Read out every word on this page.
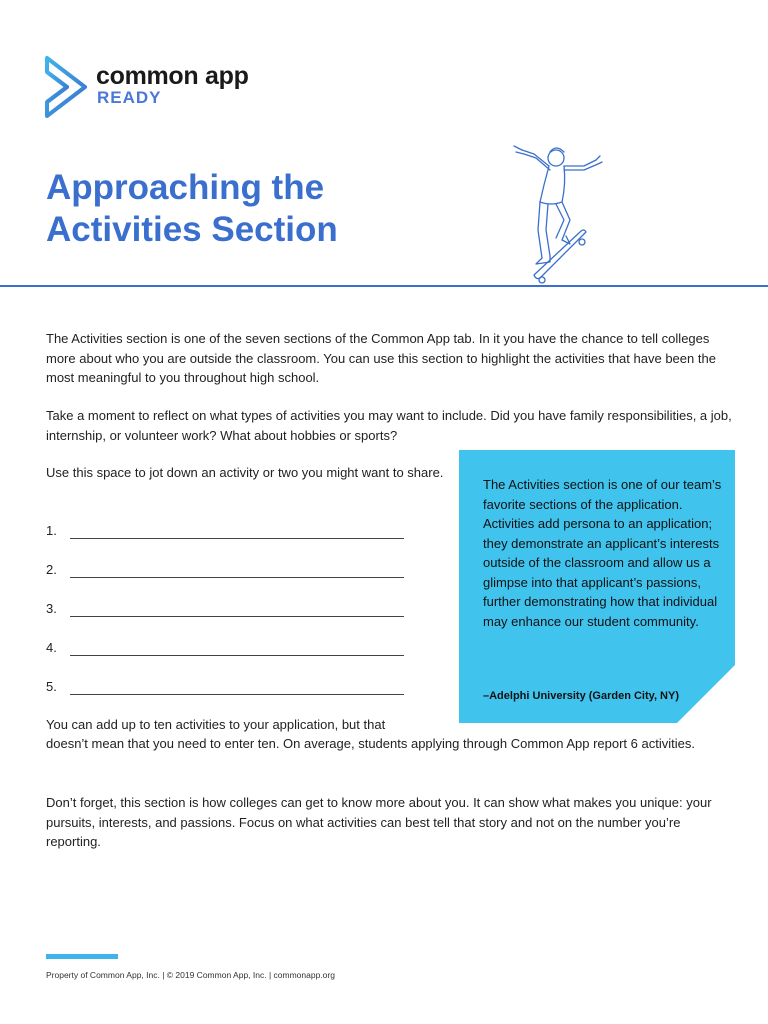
common app
READY
Approaching the
Activities Section

The Activities section is one of the seven sections of the Common App tab. In it you have the chance to tell colleges more about who you are outside the classroom. You can use this section to highlight the activities that have been the most meaningful to you throughout high school.

Take a moment to reflect on what types of activities you may want to include. Did you have family responsibilities, a job, internship, or volunteer work? What about hobbies or sports?

Use this space to jot down an activity or two you might want to share.

1.
2.
3.
4.
5.

The Activities section is one of our team’s favorite sections of the application. Activities add persona to an application; they demonstrate an applicant’s interests outside of the classroom and allow us a glimpse into that applicant’s passions, further demonstrating how that individual may enhance our student community.

–Adelphi University (Garden City, NY)

You can add up to ten activities to your application, but that

doesn’t mean that you need to enter ten. On average, students applying through Common App report 6 activities.

Don’t forget, this section is how colleges can get to know more about you. It can show what makes you unique: your pursuits, interests, and passions. Focus on what activities can best tell that story and not on the number you’re reporting.

Property of Common App, Inc. | © 2019 Common App, Inc. | commonapp.org
